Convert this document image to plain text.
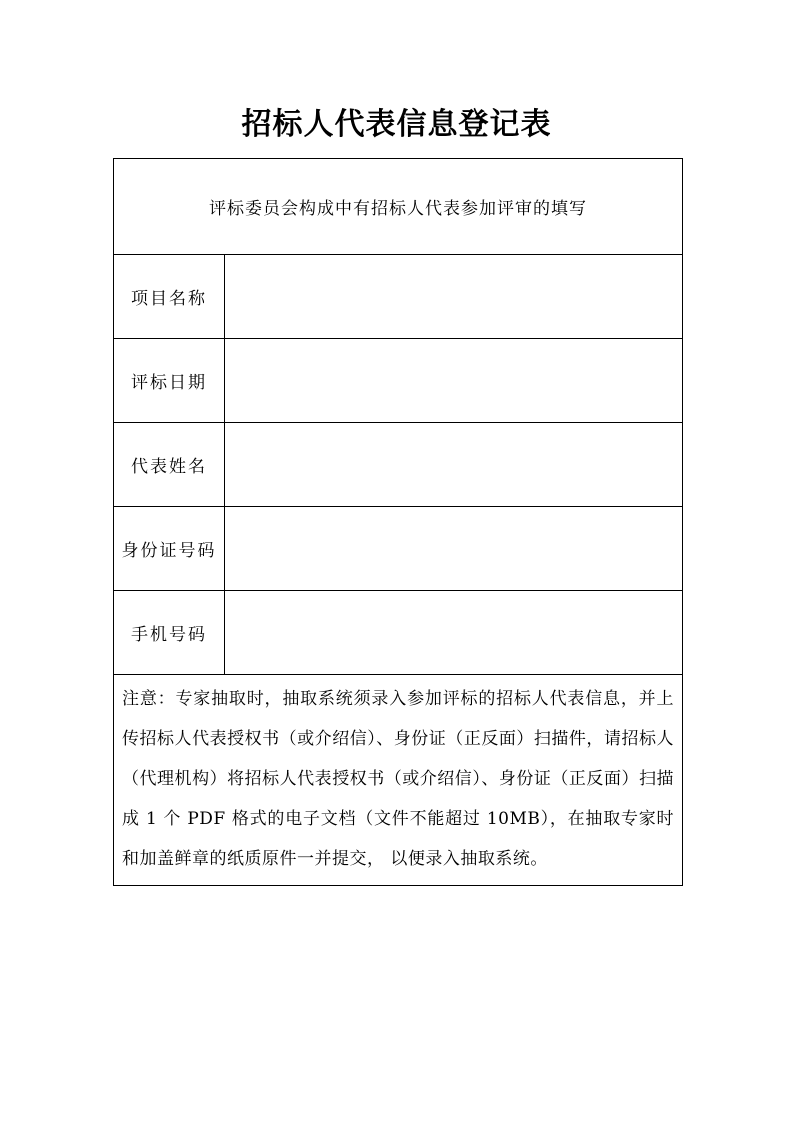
招标人代表信息登记表
评标委员会构成中有招标人代表参加评审的填写	
项目名称	
评标日期	
代表姓名	
身份证号码	
手机号码	
注意：专家抽取时，抽取系统须录入参加评标的招标人代表信息，并上传招标人代表授权书（或介绍信）、身份证（正反面）扫描件，请招标人（代理机构）将招标人代表授权书（或介绍信）、身份证（正反面）扫描成 1 个 PDF 格式的电子文档（文件不能超过 10MB），在抽取专家时和加盖鲜章的纸质原件一并提交， 以便录入抽取系统。	
